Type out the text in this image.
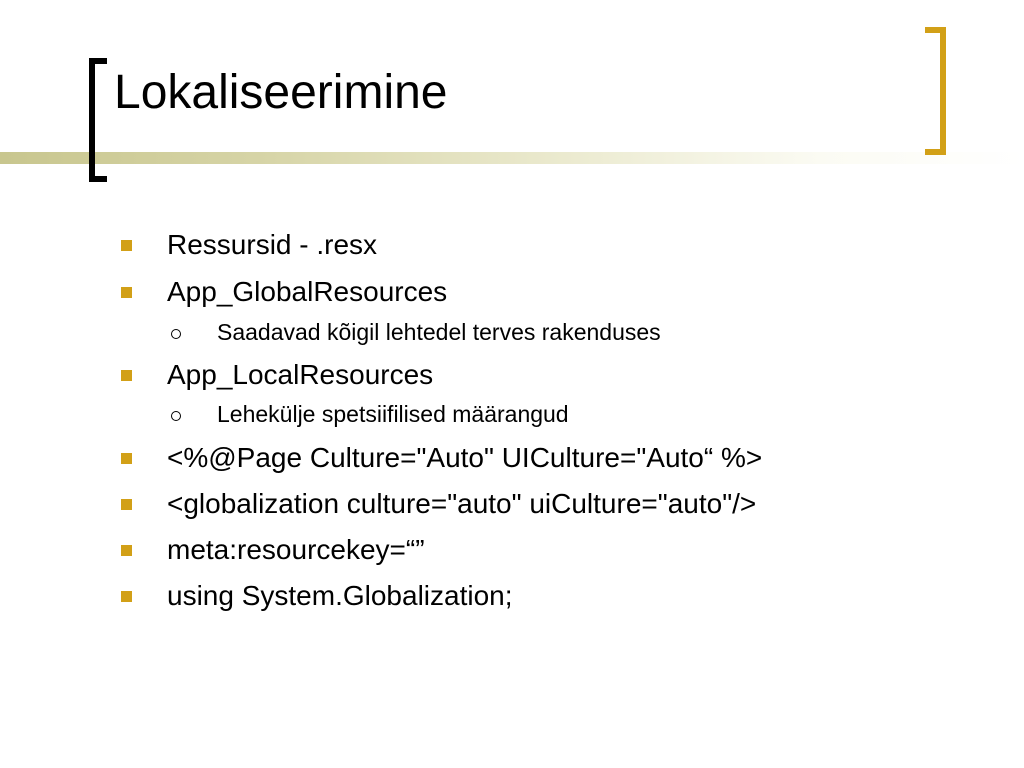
Lokaliseerimine
Ressursid - .resx
App_GlobalResources
Saadavad kõigil lehtedel terves rakenduses
App_LocalResources
Lehekülje spetsiifilised määrangud
<%@Page Culture="Auto" UICulture="Auto“ %>
<globalization culture="auto" uiCulture="auto"/>
meta:resourcekey=“”
using System.Globalization;
